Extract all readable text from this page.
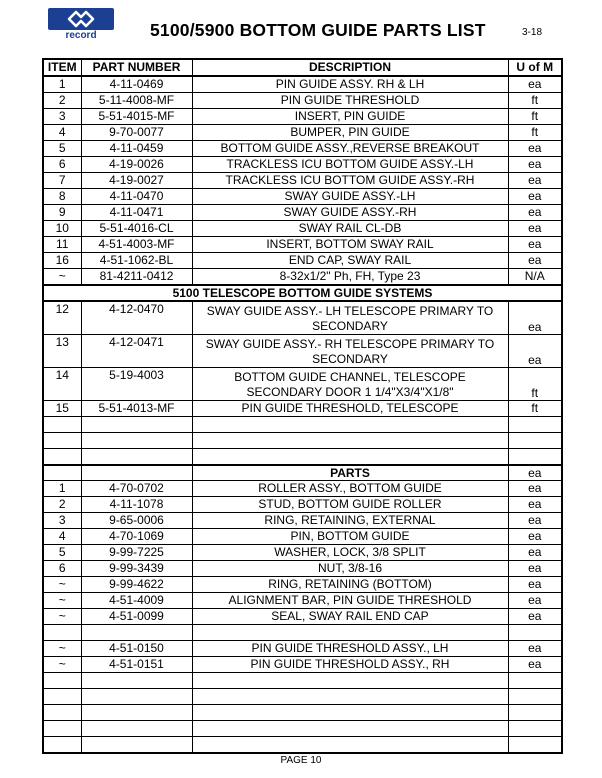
record	5100/5900 BOTTOM GUIDE PARTS LIST	3-18
ITEM	PART NUMBER	DESCRIPTION	U of M
1	4-11-0469	PIN GUIDE ASSY. RH & LH	ea
2	5-11-4008-MF	PIN GUIDE THRESHOLD	ft
3	5-51-4015-MF	INSERT, PIN GUIDE	ft
4	9-70-0077	BUMPER, PIN GUIDE	ft
5	4-11-0459	BOTTOM GUIDE ASSY.,REVERSE BREAKOUT	ea
6	4-19-0026	TRACKLESS ICU BOTTOM GUIDE ASSY.-LH	ea
7	4-19-0027	TRACKLESS ICU BOTTOM GUIDE ASSY.-RH	ea
8	4-11-0470	SWAY GUIDE ASSY.-LH	ea
9	4-11-0471	SWAY GUIDE ASSY.-RH	ea
10	5-51-4016-CL	SWAY RAIL CL-DB	ea
11	4-51-4003-MF	INSERT, BOTTOM SWAY RAIL	ea
16	4-51-1062-BL	END CAP, SWAY RAIL	ea
~	81-4211-0412	8-32x1/2" Ph, FH, Type 23	N/A
5100 TELESCOPE BOTTOM GUIDE SYSTEMS			
12	4-12-0470	SWAY GUIDE ASSY.- LH TELESCOPE PRIMARY TO
SECONDARY	ea
13	4-12-0471	SWAY GUIDE ASSY.- RH TELESCOPE PRIMARY TO
SECONDARY	ea
14	5-19-4003	BOTTOM GUIDE CHANNEL, TELESCOPE
SECONDARY DOOR 1 1/4"X3/4"X1/8"	ft
15	5-51-4013-MF	PIN GUIDE THRESHOLD, TELESCOPE	ft

		PARTS	ea
1	4-70-0702	ROLLER ASSY., BOTTOM GUIDE	ea
2	4-11-1078	STUD, BOTTOM GUIDE ROLLER	ea
3	9-65-0006	RING, RETAINING, EXTERNAL	ea
4	4-70-1069	PIN, BOTTOM GUIDE	ea
5	9-99-7225	WASHER, LOCK, 3/8 SPLIT	ea
6	9-99-3439	NUT, 3/8-16	ea
~	9-99-4622	RING, RETAINING (BOTTOM)	ea
~	4-51-4009	ALIGNMENT BAR, PIN GUIDE THRESHOLD	ea
~	4-51-0099	SEAL, SWAY RAIL END CAP	ea

~	4-51-0150	PIN GUIDE THRESHOLD ASSY., LH	ea
~	4-51-0151	PIN GUIDE THRESHOLD ASSY., RH	ea

PAGE 10
